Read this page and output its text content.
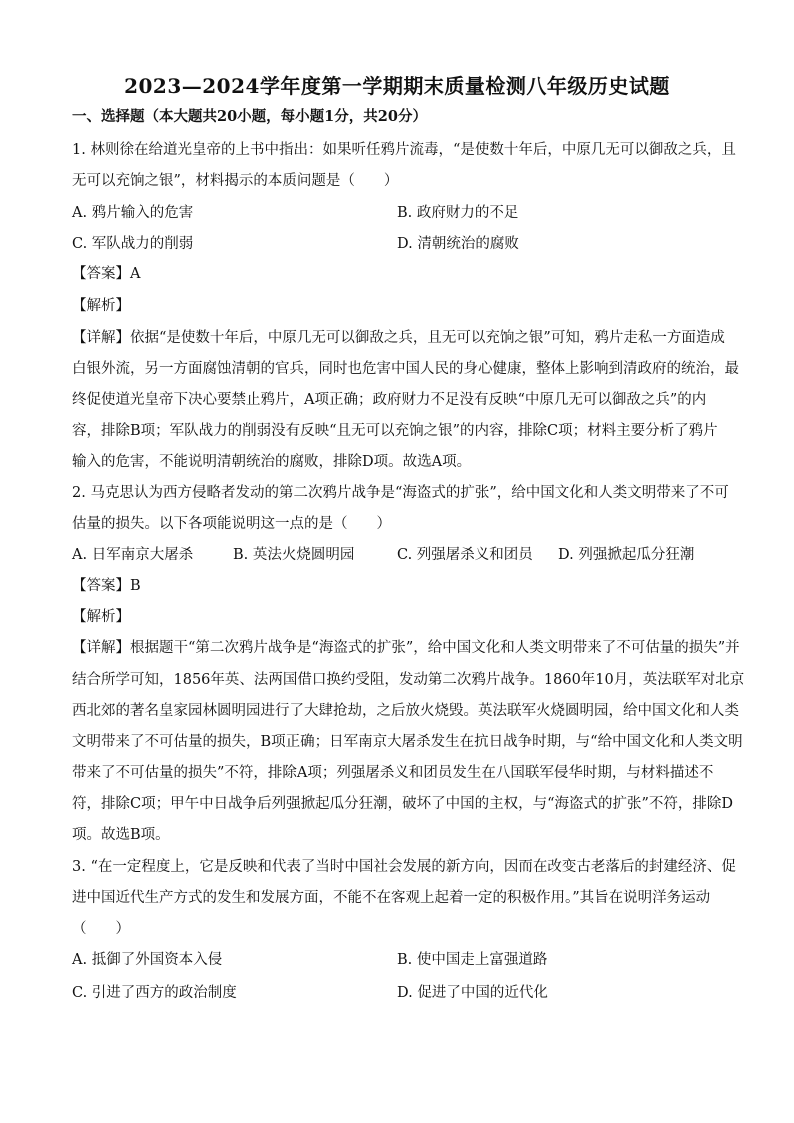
2023—2024学年度第一学期期末质量检测八年级历史试题
一、选择题（本大题共20小题，每小题1分，共20分）
1. 林则徐在给道光皇帝的上书中指出：如果听任鸦片流毒，“是使数十年后，中原几无可以御敌之兵，且
无可以充饷之银”，材料揭示的本质问题是（　　）
A. 鸦片输入的危害	B. 政府财力的不足
C. 军队战力的削弱	D. 清朝统治的腐败
【答案】A
【解析】
【详解】依据“是使数十年后，中原几无可以御敌之兵，且无可以充饷之银”可知，鸦片走私一方面造成
白银外流，另一方面腐蚀清朝的官兵，同时也危害中国人民的身心健康，整体上影响到清政府的统治，最
终促使道光皇帝下决心要禁止鸦片，A项正确；政府财力不足没有反映“中原几无可以御敌之兵”的内
容，排除B项；军队战力的削弱没有反映“且无可以充饷之银”的内容，排除C项；材料主要分析了鸦片
输入的危害，不能说明清朝统治的腐败，排除D项。故选A项。
2. 马克思认为西方侵略者发动的第二次鸦片战争是“海盗式的扩张”，给中国文化和人类文明带来了不可
估量的损失。以下各项能说明这一点的是（　　）
A. 日军南京大屠杀	B. 英法火烧圆明园	C. 列强屠杀义和团员 D. 列强掀起瓜分狂潮
【答案】B
【解析】
【详解】根据题干“第二次鸦片战争是“海盗式的扩张”，给中国文化和人类文明带来了不可估量的损失”并
结合所学可知，1856年英、法两国借口换约受阻，发动第二次鸦片战争。1860年10月，英法联军对北京
西北郊的著名皇家园林圆明园进行了大肆抢劫，之后放火烧毁。英法联军火烧圆明园，给中国文化和人类
文明带来了不可估量的损失，B项正确；日军南京大屠杀发生在抗日战争时期，与“给中国文化和人类文明
带来了不可估量的损失”不符，排除A项；列强屠杀义和团员发生在八国联军侵华时期，与材料描述不
符，排除C项；甲午中日战争后列强掀起瓜分狂潮，破坏了中国的主权，与“海盗式的扩张”不符，排除D
项。故选B项。
3. “在一定程度上，它是反映和代表了当时中国社会发展的新方向，因而在改变古老落后的封建经济、促
进中国近代生产方式的发生和发展方面，不能不在客观上起着一定的积极作用。”其旨在说明洋务运动
（　　）
A. 抵御了外国资本入侵	B. 使中国走上富强道路
C. 引进了西方的政治制度	D. 促进了中国的近代化
